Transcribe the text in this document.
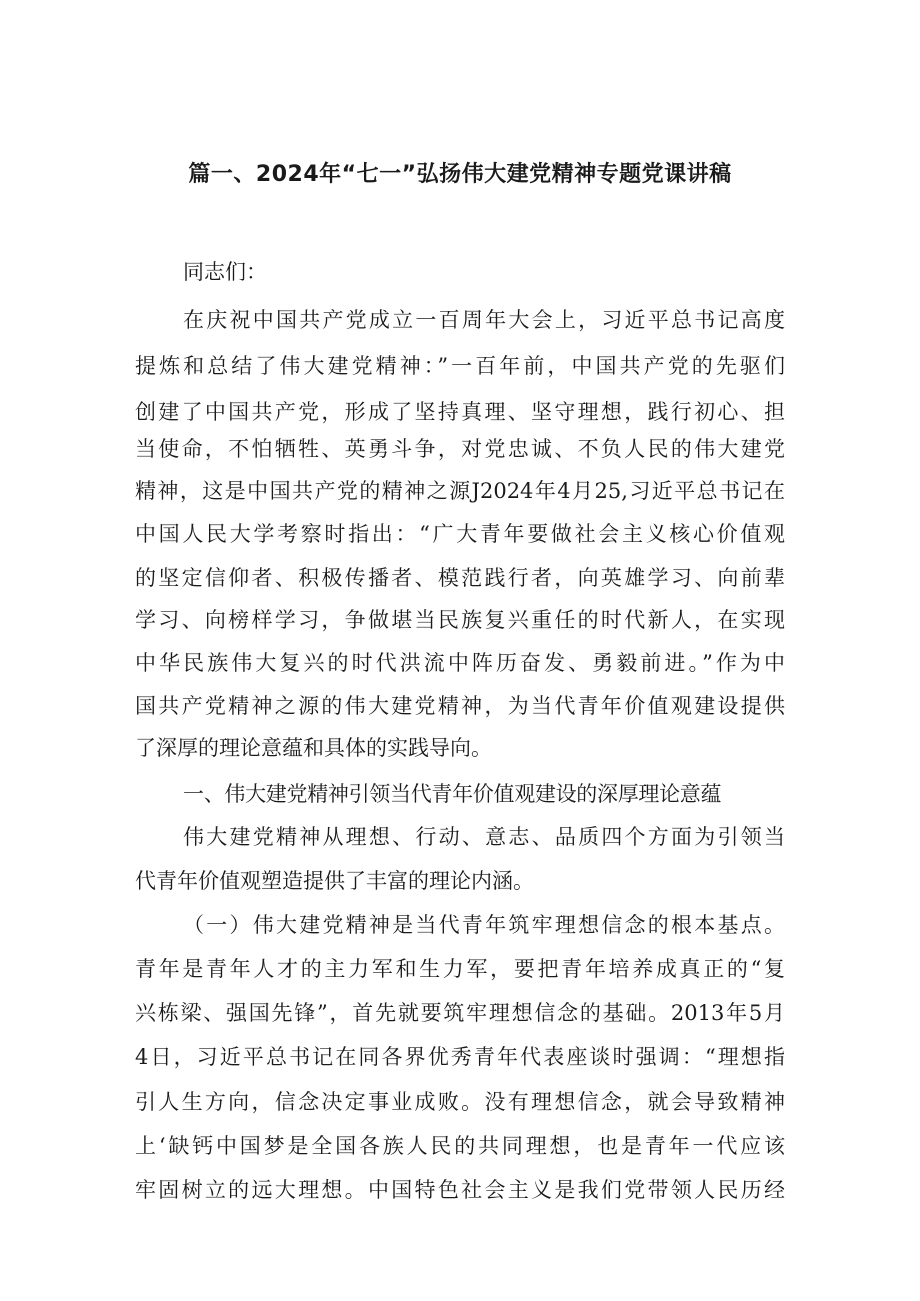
篇一、2024年“七一”弘扬伟大建党精神专题党课讲稿

同志们：

在庆祝中国共产党成立一百周年大会上，习近平总书记高度

提炼和总结了伟大建党精神：”一百年前，中国共产党的先驱们

创建了中国共产党，形成了坚持真理、坚守理想，践行初心、担

当使命，不怕牺牲、英勇斗争，对党忠诚、不负人民的伟大建党

精神，这是中国共产党的精神之源J2024年4月25,习近平总书记在

中国人民大学考察时指出：“广大青年要做社会主义核心价值观

的坚定信仰者、积极传播者、模范践行者，向英雄学习、向前辈

学习、向榜样学习，争做堪当民族复兴重任的时代新人，在实现

中华民族伟大复兴的时代洪流中阵历奋发、勇毅前进。”作为中

国共产党精神之源的伟大建党精神，为当代青年价值观建设提供

了深厚的理论意蕴和具体的实践导向。

一、伟大建党精神引领当代青年价值观建设的深厚理论意蕴

伟大建党精神从理想、行动、意志、品质四个方面为引领当

代青年价值观塑造提供了丰富的理论内涵。

（一）伟大建党精神是当代青年筑牢理想信念的根本基点。

青年是青年人才的主力军和生力军，要把青年培养成真正的“复

兴栋梁、强国先锋”，首先就要筑牢理想信念的基础。2013年5月

4日，习近平总书记在同各界优秀青年代表座谈时强调：“理想指

引人生方向，信念决定事业成败。没有理想信念，就会导致精神

上‘缺钙中国梦是全国各族人民的共同理想，也是青年一代应该

牢固树立的远大理想。中国特色社会主义是我们党带领人民历经
